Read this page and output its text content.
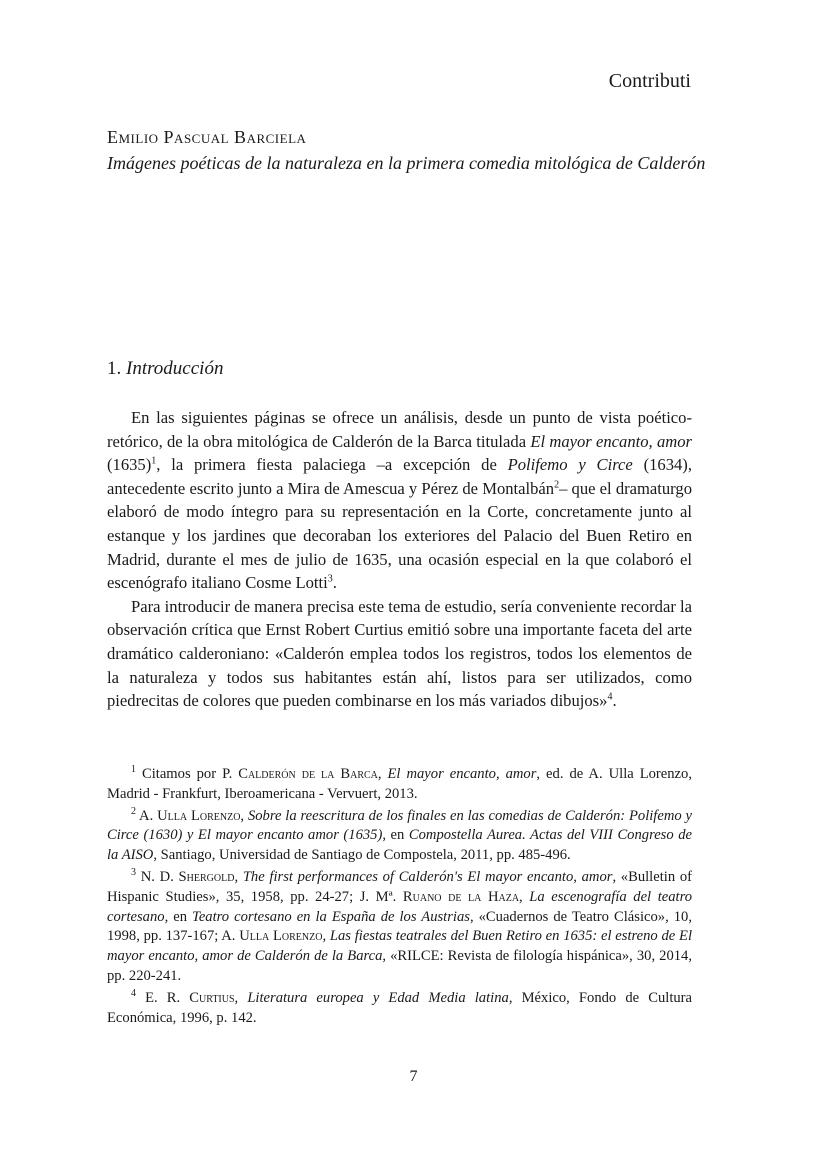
Contributi
Emilio Pascual Barciela
Imágenes poéticas de la naturaleza en la primera comedia mitológica de Calderón
1. Introducción

En las siguientes páginas se ofrece un análisis, desde un punto de vista poético-retórico, de la obra mitológica de Calderón de la Barca titulada El mayor encanto, amor $(1635)^1$, la primera fiesta palaciega –a excepción de Polifemo y Circe (1634), antecedente escrito junto a Mira de Amescua y Pérez de Montalbán$^2$– que el dramaturgo elaboró de modo íntegro para su representación en la Corte, concretamente junto al estanque y los jardines que decoraban los exteriores del Palacio del Buen Retiro en Madrid, durante el mes de julio de 1635, una ocasión especial en la que colaboró el escenógrafo italiano Cosme Lotti$^3$.

Para introducir de manera precisa este tema de estudio, sería conveniente recordar la observación crítica que Ernst Robert Curtius emitió sobre una importante faceta del arte dramático calderoniano: «Calderón emplea todos los registros, todos los elementos de la naturaleza y todos sus habitantes están ahí, listos para ser utilizados, como piedrecitas de colores que pueden combinarse en los más variados dibujos»$^4$.

$^1$ Citamos por P. Calderón de la Barca, El mayor encanto, amor, ed. de A. Ulla Lorenzo, Madrid - Frankfurt, Iberoamericana - Vervuert, 2013.

$^2$ A. Ulla Lorenzo, Sobre la reescritura de los finales en las comedias de Calderón: Polifemo y Circe (1630) y El mayor encanto amor (1635), en Compostella Aurea. Actas del VIII Congreso de la AISO, Santiago, Universidad de Santiago de Compostela, 2011, pp. 485-496.

$^3$ N. D. Shergold, The first performances of Calderón's El mayor encanto, amor, «Bulletin of Hispanic Studies», 35, 1958, pp. 24-27; J. Mª. Ruano de la Haza, La escenografía del teatro cortesano, en Teatro cortesano en la España de los Austrias, «Cuadernos de Teatro Clásico», 10, 1998, pp. 137-167; A. Ulla Lorenzo, Las fiestas teatrales del Buen Retiro en 1635: el estreno de El mayor encanto, amor de Calderón de la Barca, «RILCE: Revista de filología hispánica», 30, 2014, pp. 220-241.

$^4$ E. R. Curtius, Literatura europea y Edad Media latina, México, Fondo de Cultura Económica, 1996, p. 142.

7
